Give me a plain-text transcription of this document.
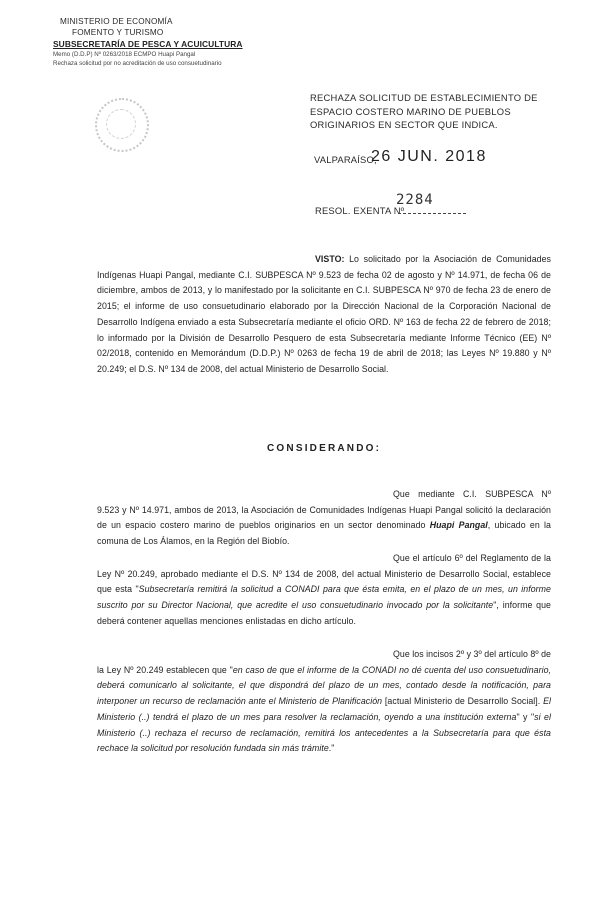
MINISTERIO DE ECONOMÍA
FOMENTO Y TURISMO
SUBSECRETARÍA DE PESCA Y ACUICULTURA
Memo (D.D.P) Nº 0263/2018 ECMPO Huapi Pangal
Rechaza solicitud por no acreditación de uso consuetudinario
RECHAZA SOLICITUD DE ESTABLECIMIENTO DE ESPACIO COSTERO MARINO DE PUEBLOS ORIGINARIOS EN SECTOR QUE INDICA.
VALPARAÍSO,
26 JUN. 2018
2284
RESOL. EXENTA Nº
VISTO: Lo solicitado por la Asociación de Comunidades Indígenas Huapi Pangal, mediante C.I. SUBPESCA Nº 9.523 de fecha 02 de agosto y Nº 14.971, de fecha 06 de diciembre, ambos de 2013, y lo manifestado por la solicitante en C.I. SUBPESCA Nº 970 de fecha 23 de enero de 2015; el informe de uso consuetudinario elaborado por la Dirección Nacional de la Corporación Nacional de Desarrollo Indígena enviado a esta Subsecretaría mediante el oficio ORD. Nº 163 de fecha 22 de febrero de 2018; lo informado por la División de Desarrollo Pesquero de esta Subsecretaría mediante Informe Técnico (EE) Nº 02/2018, contenido en Memorándum (D.D.P.) Nº 0263 de fecha 19 de abril de 2018; las Leyes Nº 19.880 y Nº 20.249; el D.S. Nº 134 de 2008, del actual Ministerio de Desarrollo Social.
CONSIDERANDO:
Que mediante C.I. SUBPESCA Nº 9.523 y Nº 14.971, ambos de 2013, la Asociación de Comunidades Indígenas Huapi Pangal solicitó la declaración de un espacio costero marino de pueblos originarios en un sector denominado Huapi Pangal, ubicado en la comuna de Los Álamos, en la Región del Biobío.
Que el artículo 6º del Reglamento de la Ley Nº 20.249, aprobado mediante el D.S. Nº 134 de 2008, del actual Ministerio de Desarrollo Social, establece que esta "Subsecretaría remitirá la solicitud a CONADI para que ésta emita, en el plazo de un mes, un informe suscrito por su Director Nacional, que acredite el uso consuetudinario invocado por la solicitante", informe que deberá contener aquellas menciones enlistadas en dicho artículo.
Que los incisos 2º y 3º del artículo 8º de la Ley Nº 20.249 establecen que "en caso de que el informe de la CONADI no dé cuenta del uso consuetudinario, deberá comunicarlo al solicitante, el que dispondrá del plazo de un mes, contado desde la notificación, para interponer un recurso de reclamación ante el Ministerio de Planificación [actual Ministerio de Desarrollo Social]. El Ministerio (..) tendrá el plazo de un mes para resolver la reclamación, oyendo a una institución externa" y "si el Ministerio (..) rechaza el recurso de reclamación, remitirá los antecedentes a la Subsecretaría para que ésta rechace la solicitud por resolución fundada sin más trámite."
